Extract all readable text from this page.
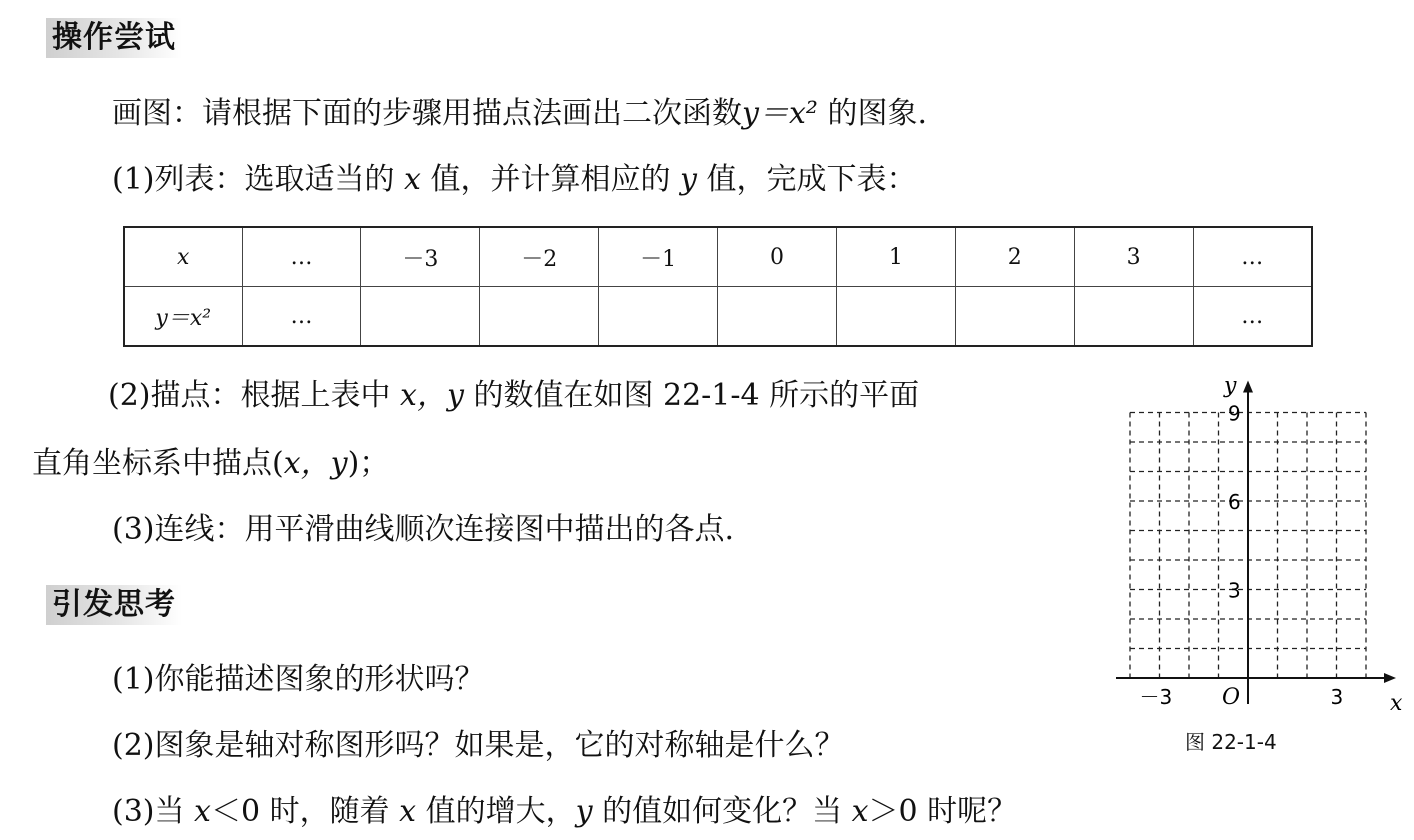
操作尝试
画图：请根据下面的步骤用描点法画出二次函数y＝x² 的图象.
(1)列表：选取适当的 x 值，并计算相应的 y 值，完成下表：
x	…	－3	－2	－1	0	1	2	3	…
y＝x²	…								…
(2)描点：根据上表中 x，y 的数值在如图 22-1-4 所示的平面
直角坐标系中描点(x，y)；
(3)连线：用平滑曲线顺次连接图中描出的各点.
引发思考
(1)你能描述图象的形状吗？
(2)图象是轴对称图形吗？如果是，它的对称轴是什么？
(3)当 x＜0 时，随着 x 值的增大，y 的值如何变化？当 x＞0 时呢？
y
x
O
9
6
3
－3	3
图 22-1-4
